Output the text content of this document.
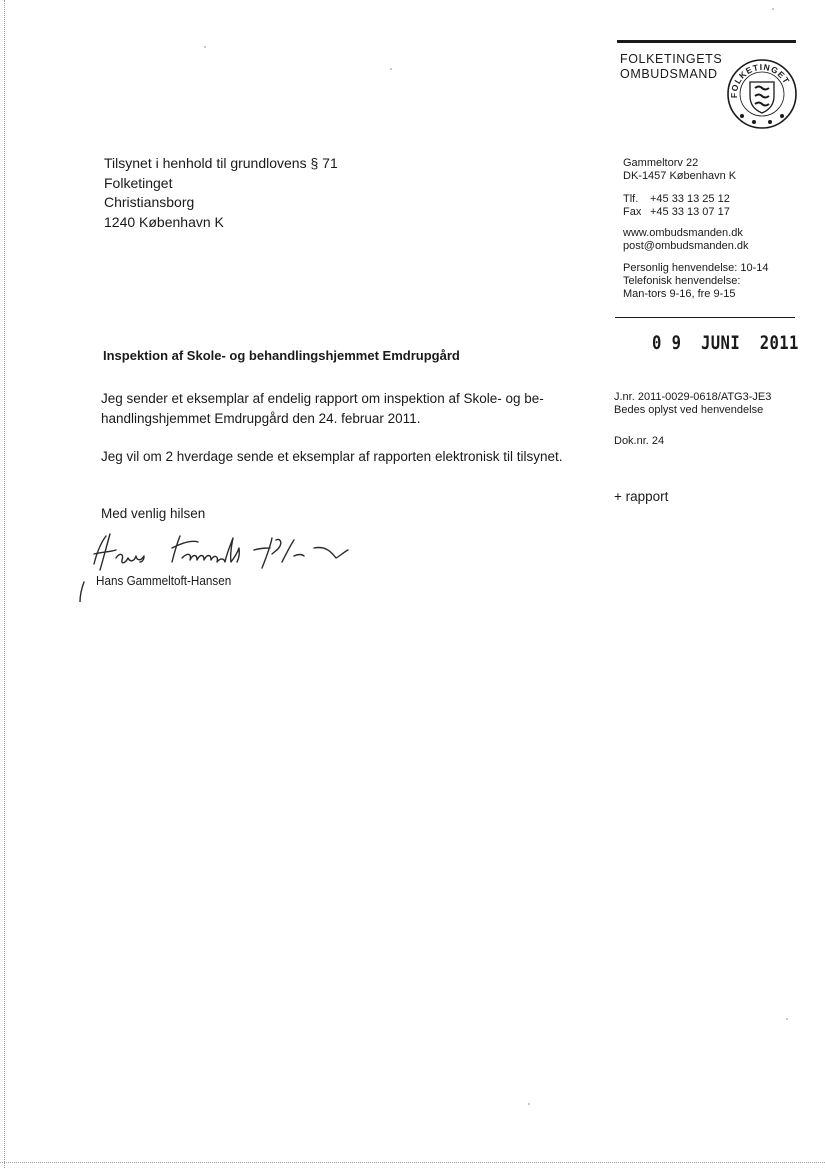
FOLKETINGETS
OMBUDSMAND
FOLKETINGET
Gammeltorv 22
DK-1457 København K
Tlf. +45 33 13 25 12
Fax +45 33 13 07 17
www.ombudsmanden.dk
post@ombudsmanden.dk
Personlig henvendelse: 10-14
Telefonisk henvendelse:
Man-tors 9-16, fre 9-15
0 9  JUNI  2011
J.nr. 2011-0029-0618/ATG3-JE3
Bedes oplyst ved henvendelse
Dok.nr. 24
+ rapport
Tilsynet i henhold til grundlovens § 71
Folketinget
Christiansborg
1240 København K
Inspektion af Skole- og behandlingshjemmet Emdrupgård
Jeg sender et eksemplar af endelig rapport om inspektion af Skole- og be-
handlingshjemmet Emdrupgård den 24. februar 2011.
Jeg vil om 2 hverdage sende et eksemplar af rapporten elektronisk til tilsynet.
Med venlig hilsen
Hans Gammeltoft-Hansen
